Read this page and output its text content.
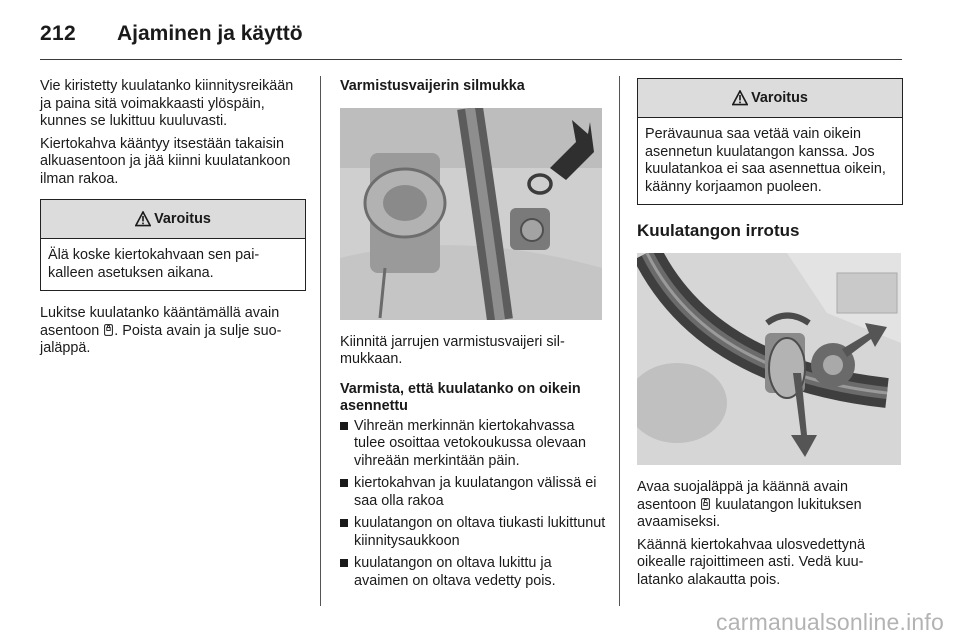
212 Ajaminen ja käyttö

Vie kiristetty kuulatanko kiinnitysreikään ja paina sitä voimakkaasti ylöspäin, kunnes se lukittuu kuuluvasti.

Kiertokahva kääntyy itsestään takaisin alkuasentoon ja jää kiinni kuulatankoon ilman rakoa.

Varoitus
Älä koske kiertokahvaan sen paikalleen asetuksen aikana.

Lukitse kuulatanko kääntämällä avain asentoon . Poista avain ja sulje suojaläppä.

Varmistusvaijerin silmukka

Kiinnitä jarrujen varmistusvaijeri silmukkaan.

Varmista, että kuulatanko on oikein asennettu
Vihreän merkinnän kiertokahvassa tulee osoittaa vetokoukussa olevaan vihreään merkintään päin.
kiertokahvan ja kuulatangon välissä ei saa olla rakoa
kuulatangon on oltava tiukasti lukittunut kiinnitysaukkoon
kuulatangon on oltava lukittu ja avaimen on oltava vedetty pois.
Varoitus
Perävaunua saa vetää vain oikein asennetun kuulatangon kanssa. Jos kuulatankoa ei saa asennettua oikein, käänny korjaamon puoleen.
Kuulatangon irrotus

Avaa suojaläppä ja käännä avain asentoon  kuulatangon lukituksen avaamiseksi.

Käännä kiertokahvaa ulosvedettynä oikealle rajoittimeen asti. Vedä kuulatanko alakautta pois.

carmanualsonline.info
